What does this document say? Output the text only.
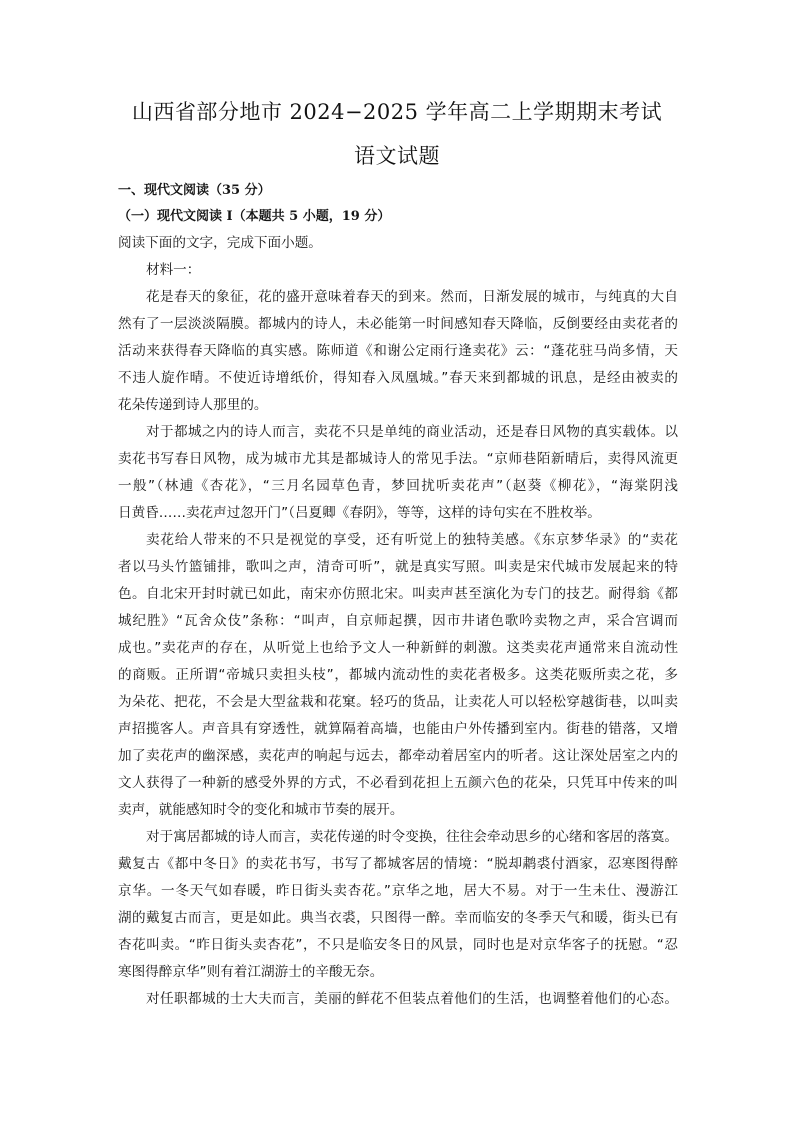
山西省部分地市 2024−2025 学年高二上学期期末考试
语文试题
一、现代文阅读（35 分）
（一）现代文阅读 I（本题共 5 小题，19 分）
阅读下面的文字，完成下面小题。
材料一：
花是春天的象征，花的盛开意味着春天的到来。然而，日渐发展的城市，与纯真的大自
然有了一层淡淡隔膜。都城内的诗人，未必能第一时间感知春天降临，反倒要经由卖花者的
活动来获得春天降临的真实感。陈师道《和谢公定雨行逢卖花》云：“蓬花驻马尚多情，天
不违人旋作晴。不使近诗增纸价，得知春入凤凰城。”春天来到都城的讯息，是经由被卖的
花朵传递到诗人那里的。
对于都城之内的诗人而言，卖花不只是单纯的商业活动，还是春日风物的真实载体。以
卖花书写春日风物，成为城市尤其是都城诗人的常见手法。“京师巷陌新晴后，卖得风流更
一般”（林逋《杏花》，“三月名园草色青，梦回扰听卖花声”（赵葵《柳花》，“海棠阴浅
日黄昏……卖花声过忽开门”（吕夏卿《春阴》，等等，这样的诗句实在不胜枚举。
卖花给人带来的不只是视觉的享受，还有听觉上的独特美感。《东京梦华录》的“卖花
者以马头竹篮铺排，歌叫之声，清奇可听”，就是真实写照。叫卖是宋代城市发展起来的特
色。自北宋开封时就已如此，南宋亦仿照北宋。叫卖声甚至演化为专门的技艺。耐得翁《都
城纪胜》“瓦舍众伎”条称：“叫声，自京师起撰，因市井诸色歌吟卖物之声，采合宫调而
成也。”卖花声的存在，从听觉上也给予文人一种新鲜的刺激。这类卖花声通常来自流动性
的商贩。正所谓“帝城只卖担头枝”，都城内流动性的卖花者极多。这类花贩所卖之花，多
为朵花、把花，不会是大型盆栽和花窠。轻巧的货品，让卖花人可以轻松穿越街巷，以叫卖
声招揽客人。声音具有穿透性，就算隔着高墙，也能由户外传播到室内。街巷的错落，又增
加了卖花声的幽深感，卖花声的响起与远去，都牵动着居室内的听者。这让深处居室之内的
文人获得了一种新的感受外界的方式，不必看到花担上五颜六色的花朵，只凭耳中传来的叫
卖声，就能感知时令的变化和城市节奏的展开。
对于寓居都城的诗人而言，卖花传递的时令变换，往往会牵动思乡的心绪和客居的落寞。
戴复古《都中冬日》的卖花书写，书写了都城客居的情境：“脱却鹔裘付酒家，忍寒图得醉
京华。一冬天气如春暖，昨日街头卖杏花。”京华之地，居大不易。对于一生未仕、漫游江
湖的戴复古而言，更是如此。典当衣裘，只图得一醉。幸而临安的冬季天气和暖，街头已有
杏花叫卖。“昨日街头卖杏花”，不只是临安冬日的风景，同时也是对京华客子的抚慰。“忍
寒图得醉京华”则有着江湖游士的辛酸无奈。
对任职都城的士大夫而言，美丽的鲜花不但装点着他们的生活，也调整着他们的心态。
